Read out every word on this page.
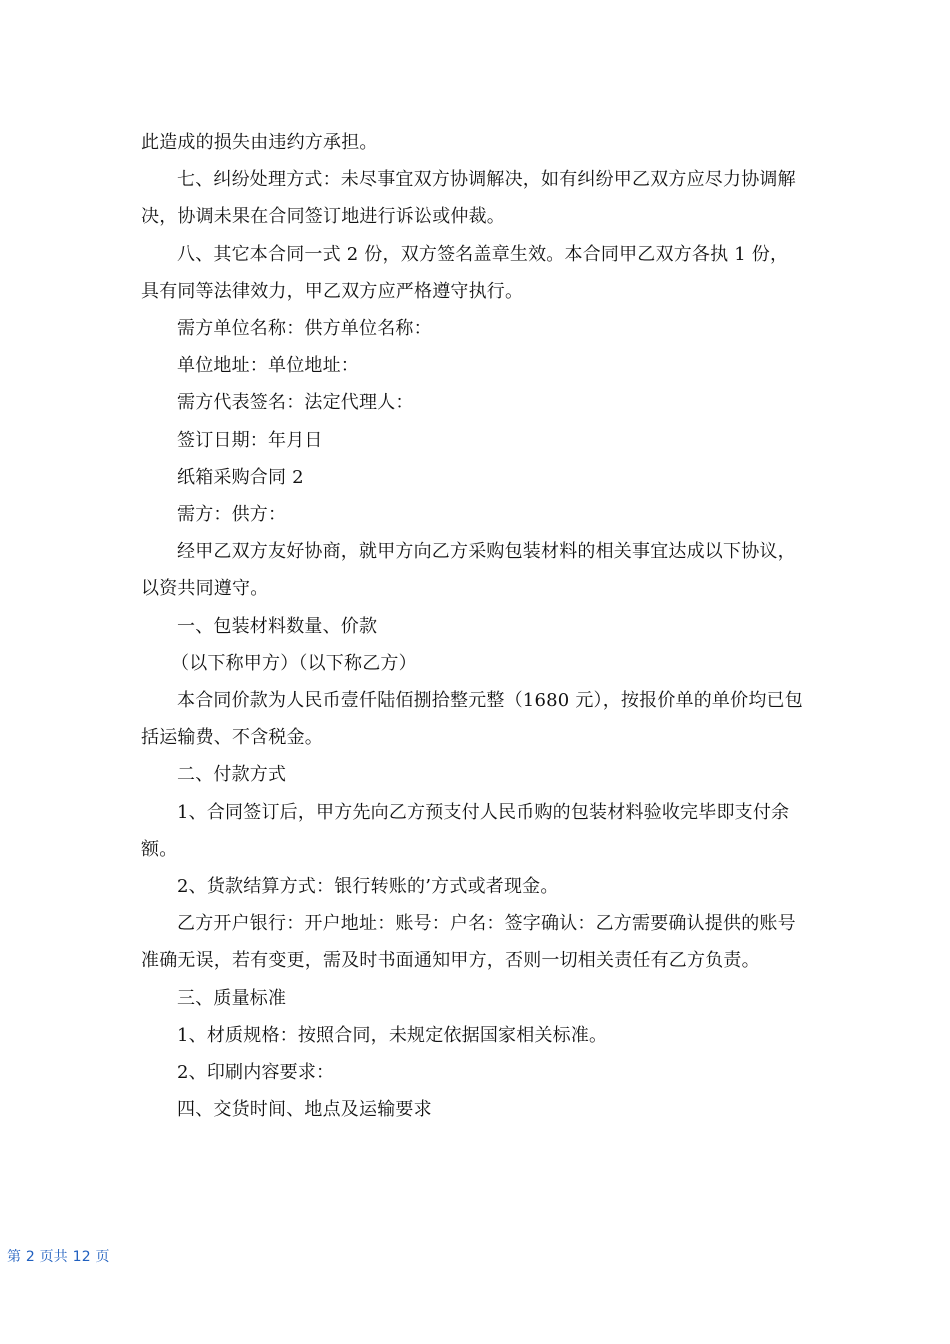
此造成的损失由违约方承担。

七、纠纷处理方式：未尽事宜双方协调解决，如有纠纷甲乙双方应尽力协调解决，协调未果在合同签订地进行诉讼或仲裁。

八、其它本合同一式 2 份，双方签名盖章生效。本合同甲乙双方各执 1 份，具有同等法律效力，甲乙双方应严格遵守执行。

需方单位名称：供方单位名称：

单位地址：单位地址：

需方代表签名：法定代理人：

签订日期：年月日

纸箱采购合同 2

需方：供方：

经甲乙双方友好协商，就甲方向乙方采购包装材料的相关事宜达成以下协议，以资共同遵守。

一、包装材料数量、价款

（以下称甲方）（以下称乙方）

本合同价款为人民币壹仟陆佰捌拾整元整（1680 元），按报价单的单价均已包括运输费、不含税金。

二、付款方式

1、合同签订后，甲方先向乙方预支付人民币购的包装材料验收完毕即支付余额。

2、货款结算方式：银行转账的’方式或者现金。

乙方开户银行：开户地址：账号：户名：签字确认：乙方需要确认提供的账号准确无误，若有变更，需及时书面通知甲方，否则一切相关责任有乙方负责。

三、质量标准

1、材质规格：按照合同，未规定依据国家相关标准。

2、印刷内容要求：

四、交货时间、地点及运输要求

第 2 页共 12 页
